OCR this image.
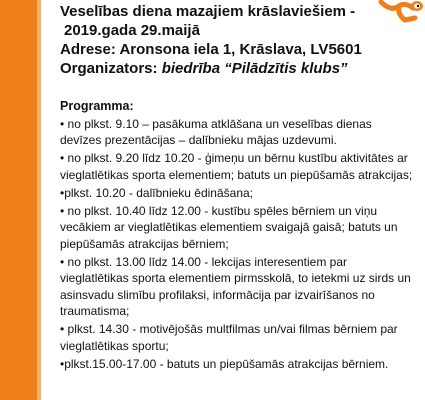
Veselības diena mazajiem krāslaviešiem -
2019.gada 29.maijā
Adrese: Aronsona iela 1, Krāslava, LV5601
Organizators: biedrība “Pilādzītis klubs”
Programma:
• no plkst. 9.10 – pasākuma atklāšana un veselības dienas devīzes prezentācijas – dalībnieku mājas uzdevumi.
• no plkst. 9.20 līdz 10.20 - ģimeņu un bērnu kustību aktivitātes ar vieglatlētikas sporta elementiem; batuts un piepūšamās atrakcijas;
•plkst. 10.20 - dalībnieku ēdināšana;
• no plkst. 10.40 līdz 12.00 - kustību spēles bērniem un viņu vecākiem ar vieglatlētikas elementiem svaigajā gaisā; batuts un piepūšamās atrakcijas bērniem;
• no plkst. 13.00 līdz 14.00 - lekcijas interesentiem par vieglatlētikas sporta elementiem pirmsskolā, to ietekmi uz sirds un asinsvadu slimību profilaksi, informācija par izvairīšanos no traumatisma;
• plkst. 14.30 - motivējošās multfilmas un/vai filmas bērniem par vieglatlētikas sportu;
•plkst.15.00-17.00 - batuts un piepūšamās atrakcijas bērniem.
